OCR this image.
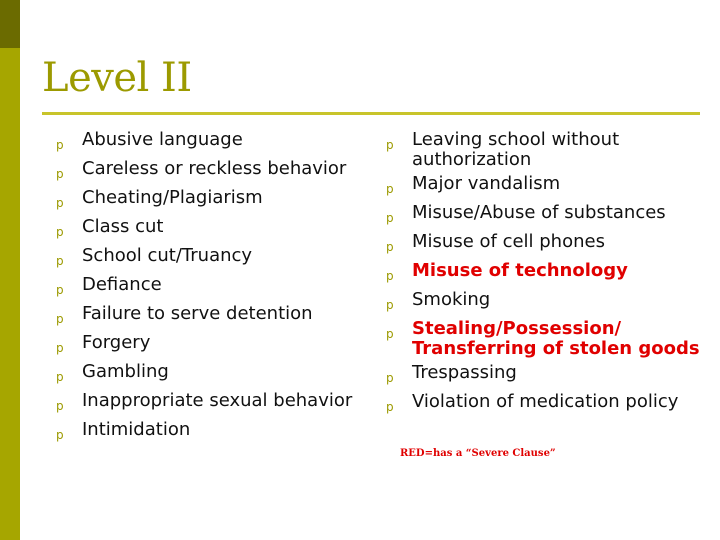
Level II
p
Abusive language
p
Careless or reckless behavior
p
Cheating/Plagiarism
p
Class cut
p
School cut/Truancy
p
Defiance
p
Failure to serve detention
p
Forgery
p
Gambling
p
Inappropriate sexual behavior
p
Intimidation
p
Leaving school without authorization
p
Major vandalism
p
Misuse/Abuse of substances
p
Misuse of cell phones
p
Misuse of technology
p
Smoking
p
Stealing/Possession/ Transferring of stolen goods
p
Trespassing
p
Violation of medication policy
RED=has a “Severe Clause”
